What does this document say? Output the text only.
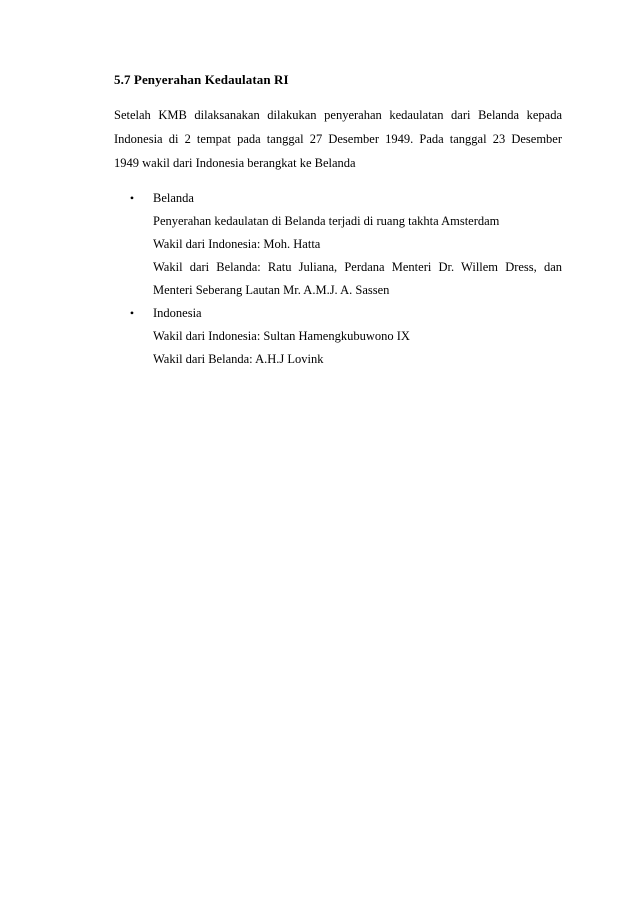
5.7 Penyerahan Kedaulatan RI
Setelah KMB dilaksanakan dilakukan penyerahan kedaulatan dari Belanda kepada
Indonesia di 2 tempat pada tanggal 27 Desember 1949. Pada tanggal 23 Desember
1949 wakil dari Indonesia berangkat ke Belanda
•	Belanda
Penyerahan kedaulatan di Belanda terjadi di ruang takhta Amsterdam
Wakil dari Indonesia: Moh. Hatta
Wakil dari Belanda: Ratu Juliana, Perdana Menteri Dr. Willem Dress, dan
Menteri Seberang Lautan Mr. A.M.J. A. Sassen
•	Indonesia
Wakil dari Indonesia: Sultan Hamengkubuwono IX
Wakil dari Belanda: A.H.J Lovink
